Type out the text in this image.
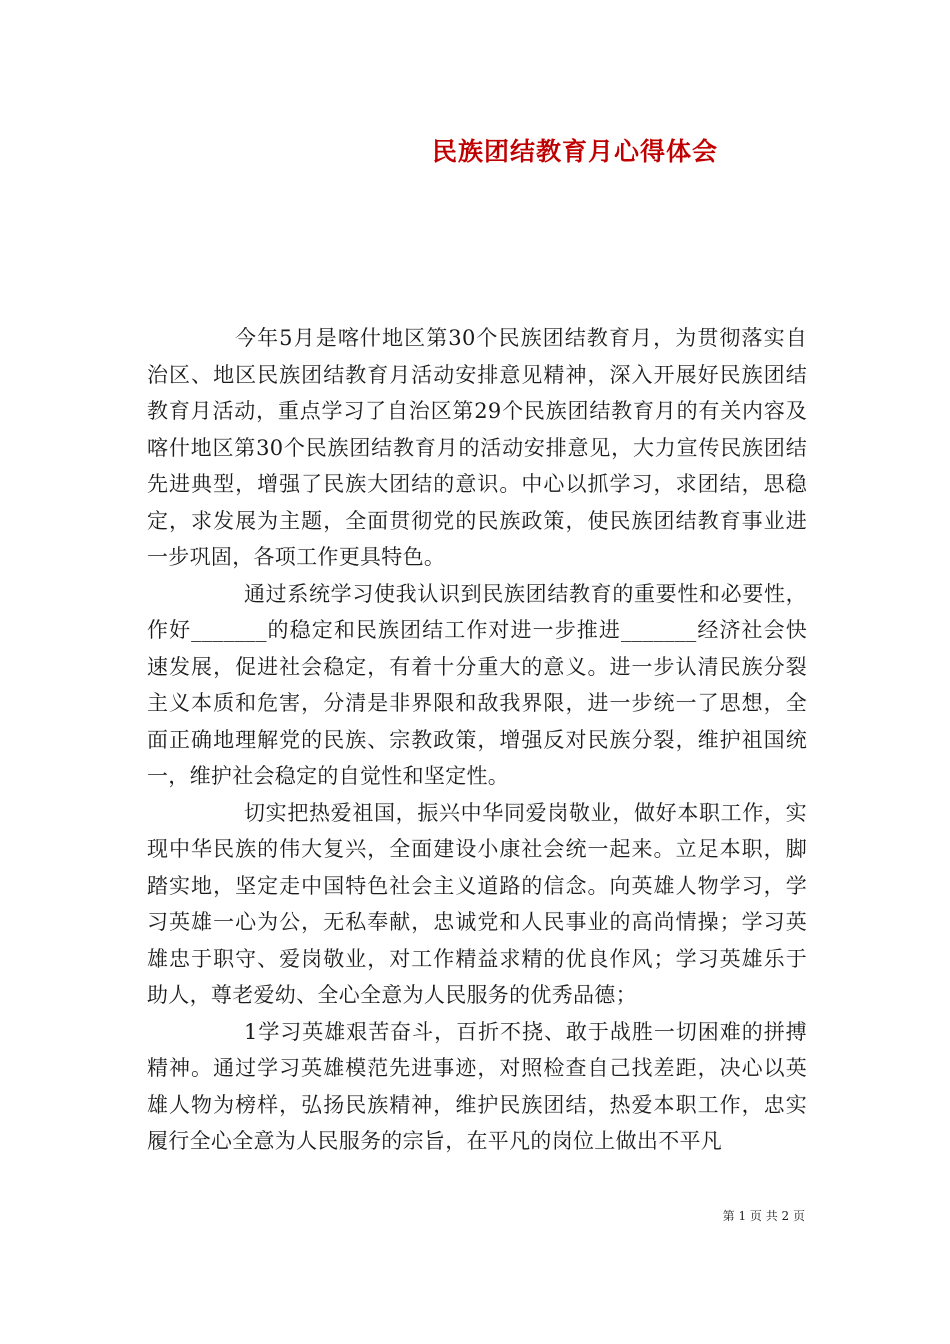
民族团结教育月心得体会

今年5月是喀什地区第30个民族团结教育月，为贯彻落实自治区、地区民族团结教育月活动安排意见精神，深入开展好民族团结教育月活动，重点学习了自治区第29个民族团结教育月的有关内容及喀什地区第30个民族团结教育月的活动安排意见，大力宣传民族团结先进典型，增强了民族大团结的意识。中心以抓学习，求团结，思稳定，求发展为主题，全面贯彻党的民族政策，使民族团结教育事业进一步巩固，各项工作更具特色。

通过系统学习使我认识到民族团结教育的重要性和必要性，作好_______的稳定和民族团结工作对进一步推进_______经济社会快速发展，促进社会稳定，有着十分重大的意义。进一步认清民族分裂主义本质和危害，分清是非界限和敌我界限，进一步统一了思想，全面正确地理解党的民族、宗教政策，增强反对民族分裂，维护祖国统一，维护社会稳定的自觉性和坚定性。

切实把热爱祖国，振兴中华同爱岗敬业，做好本职工作，实现中华民族的伟大复兴，全面建设小康社会统一起来。立足本职，脚踏实地，坚定走中国特色社会主义道路的信念。向英雄人物学习，学习英雄一心为公，无私奉献，忠诚党和人民事业的高尚情操；学习英雄忠于职守、爱岗敬业，对工作精益求精的优良作风；学习英雄乐于助人，尊老爱幼、全心全意为人民服务的优秀品德；

1学习英雄艰苦奋斗，百折不挠、敢于战胜一切困难的拼搏精神。通过学习英雄模范先进事迹，对照检查自己找差距，决心以英雄人物为榜样，弘扬民族精神，维护民族团结，热爱本职工作，忠实履行全心全意为人民服务的宗旨，在平凡的岗位上做出不平凡

第 1 页 共 2 页
